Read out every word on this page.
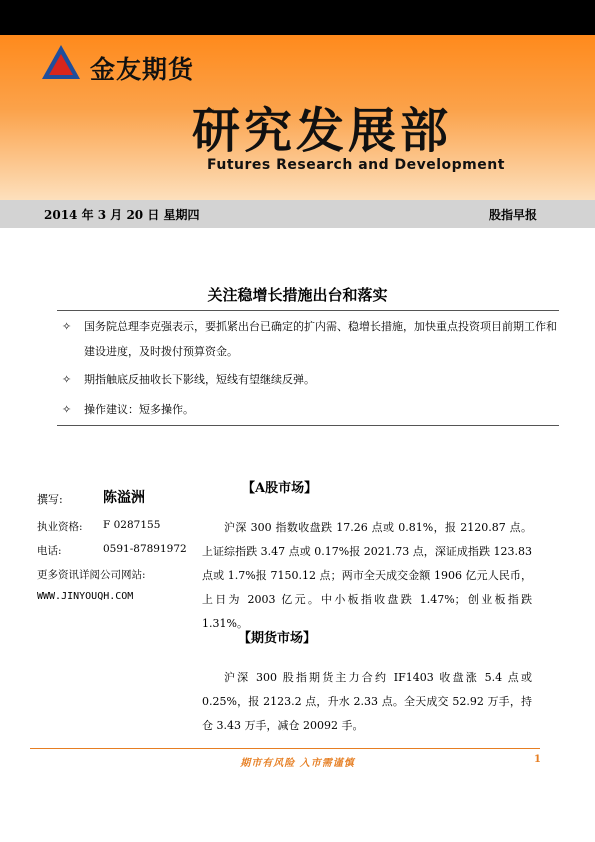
金友期货
研究发展部
Futures Research and Development
2014 年 3 月 20 日 星期四	股指早报
关注稳增长措施出台和落实
✧	国务院总理李克强表示，要抓紧出台已确定的扩内需、稳增长措施，加快重点投资项目前期工作和建设进度，及时拨付预算资金。
✧	期指触底反抽收长下影线，短线有望继续反弹。
✧	操作建议：短多操作。
撰写:	陈溢洲
执业资格: F 0287155
电话:	0591-87891972
更多资讯详阅公司网站:
WWW.JINYOUQH.COM
【A股市场】
沪深 300 指数收盘跌 17.26 点或 0.81%，报 2120.87 点。上证综指跌 3.47 点或 0.17%报 2021.73 点，深证成指跌 123.83 点或 1.7%报 7150.12 点；两市全天成交金额 1906 亿元人民币，上日为 2003 亿元。中小板指收盘跌 1.47%；创业板指跌 1.31%。
【期货市场】
沪深 300 股指期货主力合约 IF1403 收盘涨 5.4 点或 0.25%，报 2123.2 点，升水 2.33 点。全天成交 52.92 万手，持仓 3.43 万手，减仓 20092 手。
期市有风险 入市需谨慎	1
